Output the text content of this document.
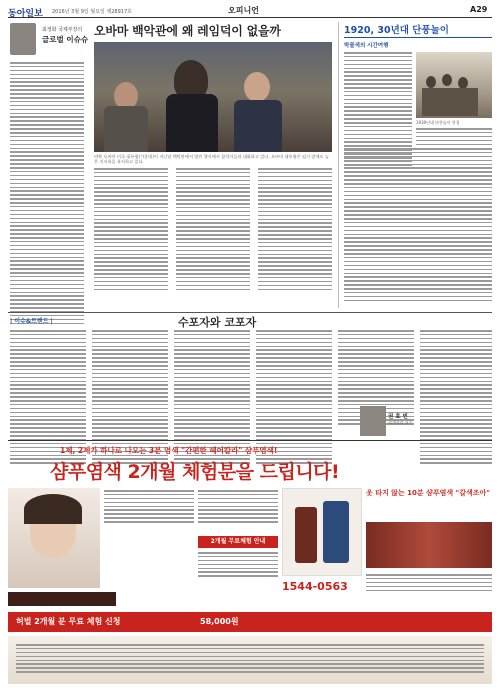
동아일보 2016년 3월 9일 월요일 제28917호	오피니언	A29
최정화 국제부장의
글로벌 이슈슈
오바마 백악관에 왜 레임덕이 없을까
버락 오바마 미국 대통령(가운데)이 지난달 백악관에서 열린 행사에서 참석자들과 대화하고 있다. 오바마 대통령은 임기 말에도 높은 지지율을 유지하고 있다.
1920, 30년대 단풍놀이
박물색의 시간여행
1930년대 단풍놀이 풍경
| 이슈&트렌드 |	수포자와 코포자
권 효 빈
회계학과 교수
1제, 2제가 하나로 나오는 3분 염색 "간편한 헤어칼라" 샴푸염색!
샴푸염색 2개월 체험분을 드립니다!
2개월 무료체험 안내
1544-0563
옷 타지 않는 10분 샴푸염색 "갈색조아"
허벌 2개월 분 무료 체험 신청	58,000원
